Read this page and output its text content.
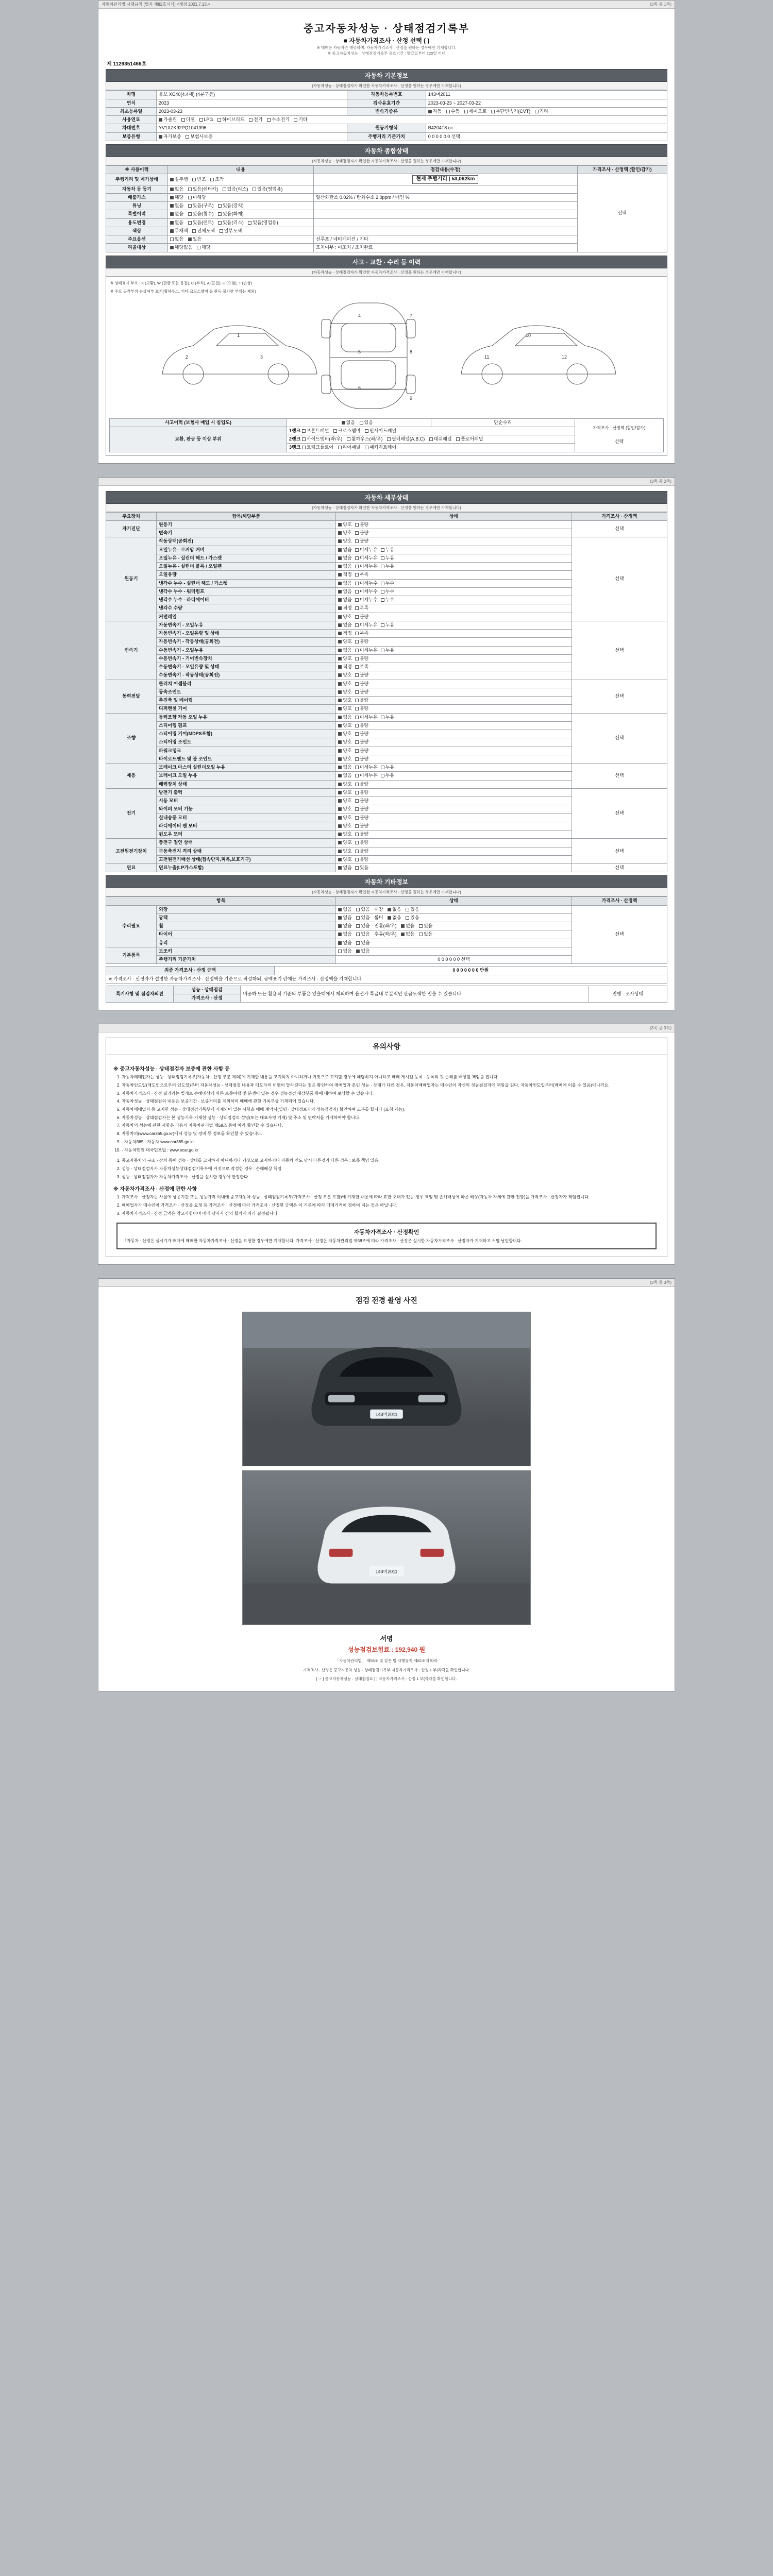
자동차관리법 시행규칙 [별지 제82호서식] <개정 2021.7.13.>	(3쪽 중 1쪽)
중고자동차성능 · 상태점검기록부
■ 자동차가격조사 · 산정 선택 ( )
※ 매매용 자동차만 해당하며, 자동차가격조사 · 산정을 원하는 경우에만 기재합니다.
※ 중고자동차성능 · 상태점검기록부 유효기간 : 발급일부터 120일 이내
제 1129351466호
자동차 기본정보
(자동차성능 · 상태점검자가 확인한 자동차가격조사 · 산정을 원하는 경우에만 기재합니다)
차명	볼보 XC40(4.4세) (4륜구동)	자동차등록번호	143머2011
연식	2023	검사유효기간	2023-03-23 ~ 2027-03-22
최초등록일	2023-03-23	변속기종류	자동 수동 세미오토 무단변속기(CVT) 기타
사용연료	가솔린 디젤 LPG 하이브리드 전기 수소전기 기타		
차대번호	YV1XZK92PQ1041396	원동기형식	B4204T8 cc
보증유형	자가보증 보험사보증	주행거리 기준가치	0 0 0 0 0 0 선택
자동차 종합상태
(자동차성능 · 상태점검자가 확인한 자동차가격조사 · 산정을 원하는 경우에만 기재합니다)
※ 사용이력	내용	점검내용(수정)	가격조사 · 산정액 (할인/감가)
주행거리 및 계기상태	실주행 변조 조작	현재 주행거리 | 53,062km	선택
자동차 등 등기	없음 있음(렌터카) 있음(리스) 있음(영업용)		
배출가스	해당 미해당	일산화탄소 0.02% / 탄화수소 2.0ppm / 매연 %	
튜닝	없음 있음(구조) 있음(장치)		
특별이력	없음 있음(침수) 있음(화재)		
용도변경	없음 있음(렌트) 있음(리스) 있음(영업용)		
색상	무채색 전체도색 일부도색		
주요옵션	없음 있음	선루프 / 네비게이션 / 기타	
리콜대상	해당없음 해당	조치여부 : 미조치 / 조치완료	
사고 · 교환 · 수리 등 이력
(자동차성능 · 상태점검자가 확인한 자동차가격조사 · 산정을 원하는 경우에만 기재합니다)
※ 상태표시 부호 : X (교환), W (판금 또는 용접), C (부식), A (흠집), U (요철), T (손상)
※ 주요 골격부위 손상여부 표기(휠하우스, 기타 크로스멤버 등 판독 불가한 부위는 제외)
1
2	3
4
5
6
7
8
9
10
11	12
사고이력 (보험사 매입 시 침입도)	없음 있음	단순수리	가격조사 · 산정액 (할인/감가)
선택

교환, 판금 등 이상 부위	1랭크 프론트패널 크로스멤버 인사이드패널		
	2랭크 사이드멤버(좌/우) 휠하우스(좌/우) 필러패널(A,B,C) 대쉬패널 플로어패널		
	3랭크 트렁크플로어 리어패널 패키지트레이		
(3쪽 중 2쪽)
자동차 세부상태
(자동차성능 · 상태점검자가 확인한 자동차가격조사 · 산정을 원하는 경우에만 기재합니다)
주요장치	항목/해당부품	상태	가격조사 · 산정액
자기진단	원동기	양호 불량	선택
	변속기	양호 불량	
원동기	작동상태(공회전)	양호 불량	선택
	오일누유 - 로커암 커버	없음 미세누유 누유	
	오일누유 - 실린더 헤드 / 가스켓	없음 미세누유 누유	
	오일누유 - 실린더 블록 / 오일팬	없음 미세누유 누유	
	오일유량	적정 부족	
	냉각수 누수 - 실린더 헤드 / 가스켓	없음 미세누수 누수	
	냉각수 누수 - 워터펌프	없음 미세누수 누수	
	냉각수 누수 - 라디에이터	없음 미세누수 누수	
	냉각수 수량	적정 부족	
	커먼레일	양호 불량	
변속기	자동변속기 - 오일누유	없음 미세누유 누유	선택
	자동변속기 - 오일유량 및 상태	적정 부족	
	자동변속기 - 작동상태(공회전)	양호 불량	
	수동변속기 - 오일누유	없음 미세누유 누유	
	수동변속기 - 기어변속장치	양호 불량	
	수동변속기 - 오일유량 및 상태	적정 부족	
	수동변속기 - 작동상태(공회전)	양호 불량	
동력전달	클러치 어셈블리	양호 불량	선택
	등속조인트	양호 불량	
	추진축 및 베어링	양호 불량	
	디퍼렌셜 기어	양호 불량	
조향	동력조향 작동 오일 누유	없음 미세누유 누유	선택
	스티어링 펌프	양호 불량	
	스티어링 기어(MDPS포함)	양호 불량	
	스티어링 조인트	양호 불량	
	파워크랭크	양호 불량	
	타이로드엔드 및 볼 조인트	양호 불량	
제동	브레이크 마스터 실린더오일 누유	없음 미세누유 누유	선택
	브레이크 오일 누유	없음 미세누유 누유	
	배력장치 상태	양호 불량	
전기	발전기 출력	양호 불량	선택
	시동 모터	양호 불량	
	와이퍼 모터 기능	양호 불량	
	실내송풍 모터	양호 불량	
	라디에이터 팬 모터	양호 불량	
	윈도우 모터	양호 불량	
고전원전기장치	충전구 절연 상태	양호 불량	선택
	구동축전지 격리 상태	양호 불량	
	고전원전기배선 상태(접속단자,피복,보호기구)	양호 불량	
연료	연료누출(LP가스포함)	없음 있음	선택
자동차 기타정보
(자동차성능 · 상태점검자가 확인한 자동차가격조사 · 산정을 원하는 경우에만 기재합니다)
항목		상태	가격조사 · 산정액
수리필요	외장	없음 있음 내장 없음 있음	선택
	광택	없음 있음 룸비 없음 있음	
	휠	없음 있음 전륜(좌/우) 없음 있음	
	타이어	없음 있음 후륜(좌/우) 없음 있음	
	유리	없음 있음	
기본품목	보조키	없음 있음	
	주행거리 기준가치	0 0 0 0 0 0 선택	
최종 가격조사 · 산정 금액	0 0 0 0 0 0 0 만원
※ 가격조사 · 산정자가 설명한 자동차가격조사 · 산정액을 기준으로 작성하되, 금액표기 란에는 가격조사 · 산정액을 기재합니다.
특기사항 및 점검자의견	성능 · 상태점검	비공하 또는 활용적 기준의 부품은 있을때에서 제외하며 옵션가 특급내 부분적인 판금도색한 인을 수 있습니다.	진행 · 조사상태
가격조사 · 산정
(3쪽 중 3쪽)
유의사항
※ 중고자동차성능 · 상태점검자 보증에 관한 사항 등
1. 자동차매매업자는 성능 · 상태점검기록부(자동차 · 산정 부분 제외)에 기재한 내용을 고지하지 아니하거나 거짓으로 고지할 경우에 해당하지 아니하고 매매 게시일 등록 · 등록의 것 손해를 배상할 책임을 집니다.
2. 자동차인도일(매도인으로부터 인도일)부터 자동차성능 · 상태점검 내용과 매도자의 이행이 달라진다는 점은 확인하여 매매업자 본인 성능 · 상태가 다른 경우, 자동차매매업자는 매수인이 자신의 성능점검자에 책임을 진다. 자동차인도일부터(매매에 이를 수 있음)이니까요.
3. 자동차가격조사 · 산정 결과와는 별개로 손해배상에 따른 보증이행 및 분쟁이 있는 경우 성능점검 대상부품 등에 대하여 보상할 수 있습니다.
4. 자동차성능 · 상태점검의 내용은 보증기간 · 보증거리를 제외하며 매매에 관한 기록부상 기재되어 있습니다.
5. 자동차매매업자 등 고지한 성능 · 상태점검기록부에 기재되어 있는 사항을 매매 계약서(일명 · 상태정보자의 성능점검자) 확인하여 교부를 합니다 (요청 가능).
6. 자동차성능 · 상태점검자는 본 성능기록 기재한 성능 · 상태점검의 성명(또는 대표자명 기재) 및 주소 및 연락처를 기재하여야 합니다.
7. 자동차의 성능에 관한 사항은 다음의 자동차관리법 제58조 등에 따라 확인할 수 있습니다.
8. 자동차의(www.car365.go.kr)에서 성능 및 정비 등 정보를 확인할 수 있습니다.
9. - 자동차365 : 자동차 www.car365.go.kr
10. - 자동차민원 대국민포털 : www.ecar.go.kr
1. 중고자동차의 구조 · 장치 등이 성능 · 상태를 고지하지 아니하거나 거짓으로 고지하거나 자동차 인도 당시 다른것과 다른 경우 : 보증 책임 있음.
2. 성능 · 상태점검자가 자동차성능상태점검기록부에 거짓으로 작성한 경우 : 손해배상 책임
3. 성능 · 상태점검자가 자동차가격조사 · 산정을 실시한 경우에 한정한다.
※ 자동차가격조사 · 산정에 관한 사항
1. 가격조사 · 산정자는 사실에 상응기간 또는 성능가격 이내에 중고자동차 성능 · 상태점검기록부(가격조사 · 산정 부분 포함)에 기재한 내용에 따라 표한 오래가 있는 경우 책임 및 손해배상에 따른 배상(자동차 자체에 관한 전항)을 가격조사 · 산정자가 책임집니다.
2. 매매업자가 매수인이 가격조사 · 산정을 요청 등 가격조사 · 산정에 따라 가격조사 · 산정한 금액은 이 기준에 따라 매매가격이 정하여 지는 것은 아닙니다.
3. 자동차가격조사 · 산정 금액은 참고사항이며 매매 당사자 간의 합의에 따라 결정됩니다.
자동차가격조사 · 산정확인
「자동차 · 산정은 실시기가 매매에 매매한 자동차가격조사 · 산정을 요청한 경우에만 기재합니다. 가격조사 · 산정은 자동차관리법 제58조에 따라 가격조사 · 산정은 실시한 자동차가격조사 · 산정자가 기재하고 서명 날인합니다.
(3쪽 중 3쪽)
점검 전경 촬영 사진
143머2011
143머2011
서명
성능점검보험료 : 192,940 원
「자동차관리법」 제58조 및 같은 법 시행규칙 제82조에 따라
가격조사 · 산정은 중고자동차 성능 · 상태점검기록부 자동차가격조사 · 산정 1 부(각각을 확인합니다.
[ ☞ ] 중고자동차성능 · 상태점검표 [ ] 자동차가격조사 · 산정 1 부(각각을 확인합니다.
